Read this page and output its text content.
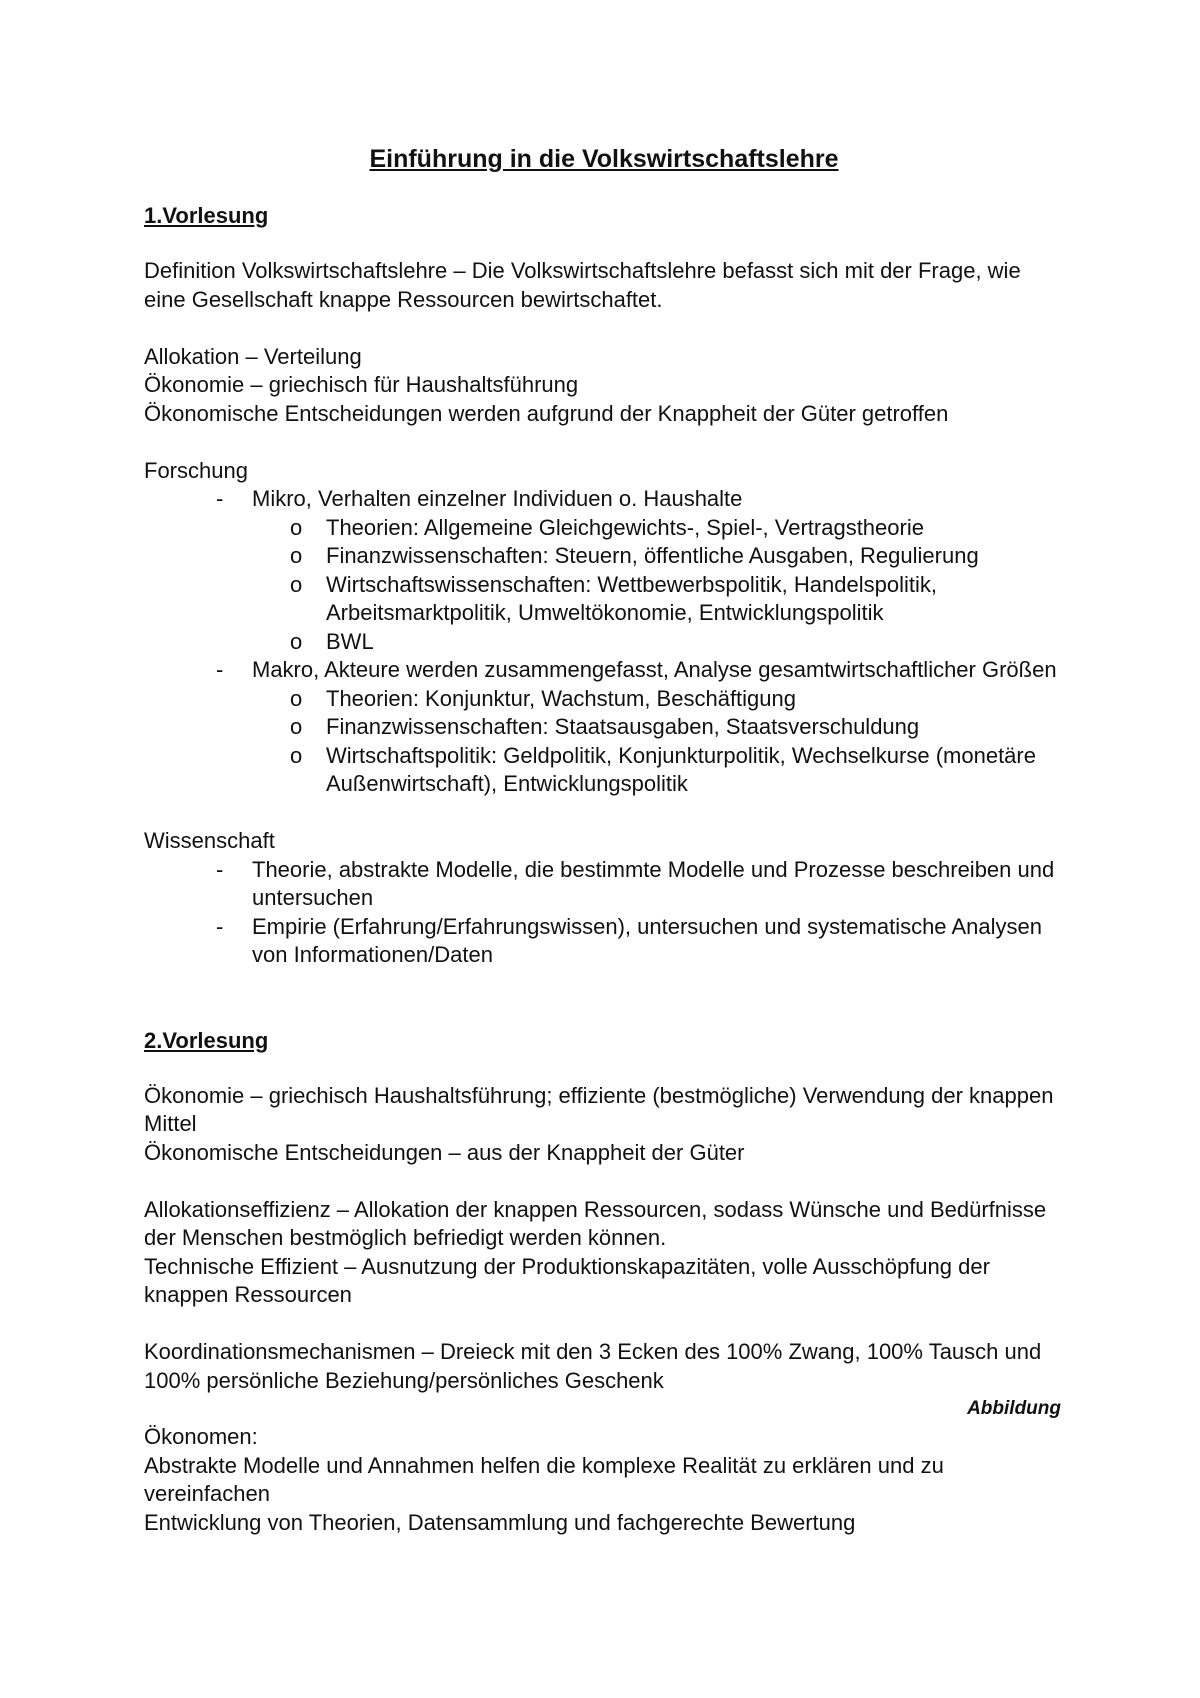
Einführung in die Volkswirtschaftslehre
1.Vorlesung

Definition Volkswirtschaftslehre – Die Volkswirtschaftslehre befasst sich mit der Frage, wie eine Gesellschaft knappe Ressourcen bewirtschaftet.

Allokation – Verteilung

Ökonomie – griechisch für Haushaltsführung

Ökonomische Entscheidungen werden aufgrund der Knappheit der Güter getroffen

Forschung

- Mikro, Verhalten einzelner Individuen o. Haushalte
o Theorien: Allgemeine Gleichgewichts-, Spiel-, Vertragstheorie
o Finanzwissenschaften: Steuern, öffentliche Ausgaben, Regulierung
o Wirtschaftswissenschaften: Wettbewerbspolitik, Handelspolitik, Arbeitsmarktpolitik, Umweltökonomie, Entwicklungspolitik
o BWL
- Makro, Akteure werden zusammengefasst, Analyse gesamtwirtschaftlicher Größen
o Theorien: Konjunktur, Wachstum, Beschäftigung
o Finanzwissenschaften: Staatsausgaben, Staatsverschuldung
o Wirtschaftspolitik: Geldpolitik, Konjunkturpolitik, Wechselkurse (monetäre Außenwirtschaft), Entwicklungspolitik

Wissenschaft

- Theorie, abstrakte Modelle, die bestimmte Modelle und Prozesse beschreiben und untersuchen
- Empirie (Erfahrung/Erfahrungswissen), untersuchen und systematische Analysen von Informationen/Daten
2.Vorlesung

Ökonomie – griechisch Haushaltsführung; effiziente (bestmögliche) Verwendung der knappen Mittel

Ökonomische Entscheidungen – aus der Knappheit der Güter

Allokationseffizienz – Allokation der knappen Ressourcen, sodass Wünsche und Bedürfnisse der Menschen bestmöglich befriedigt werden können.

Technische Effizient – Ausnutzung der Produktionskapazitäten, volle Ausschöpfung der knappen Ressourcen

Koordinationsmechanismen – Dreieck mit den 3 Ecken des 100% Zwang, 100% Tausch und 100% persönliche Beziehung/persönliches Geschenk

Abbildung

Ökonomen:

Abstrakte Modelle und Annahmen helfen die komplexe Realität zu erklären und zu vereinfachen

Entwicklung von Theorien, Datensammlung und fachgerechte Bewertung
